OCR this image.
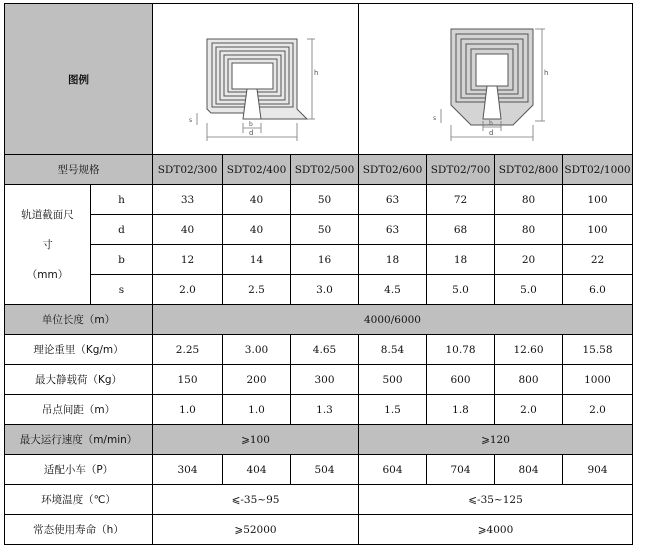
图例		h
d
b
s			h
d
b
s			

型号规格		SDT02/300	SDT02/400	SDT02/500	SDT02/600	SDT02/700	SDT02/800	SDT02/1000

轨道截面尺
寸
（mm）	h	33	40	50	63	72	80	100
	d	40	40	50	63	68	80	100
	b	12	14	16	18	18	20	22
	s	2.0	2.5	3.0	4.5	5.0	5.0	6.0
单位长度（m）		4000/6000						
理论重里（Kg/m）		2.25	3.00	4.65	8.54	10.78	12.60	15.58
最大静载荷（Kg）		150	200	300	500	600	800	1000
吊点间距（m）		1.0	1.0	1.3	1.5	1.8	2.0	2.0
最大运行速度（m/min）		⩾100			⩾120			
适配小车（P）		304	404	504	604	704	804	904
环境温度（℃）		⩽-35~95			⩽-35~125			
常态使用寿命（h）		⩾52000			⩾4000			
